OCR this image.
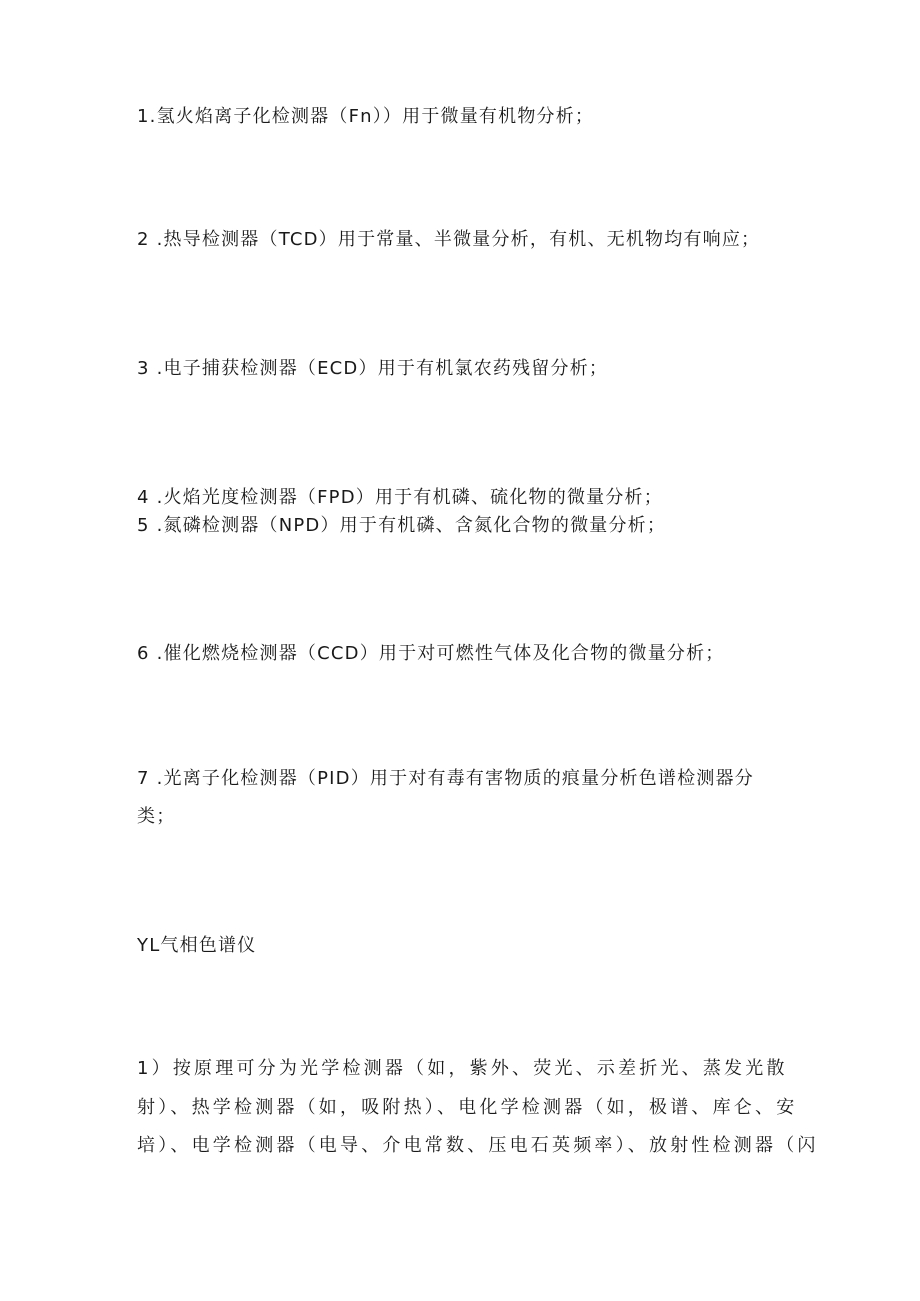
1.氢火焰离子化检测器（Fn））用于微量有机物分析；
2 .热导检测器（TCD）用于常量、半微量分析，有机、无机物均有响应；
3 .电子捕获检测器（ECD）用于有机氯农药残留分析；
4 .火焰光度检测器（FPD）用于有机磷、硫化物的微量分析；
5 .氮磷检测器（NPD）用于有机磷、含氮化合物的微量分析；
6 .催化燃烧检测器（CCD）用于对可燃性气体及化合物的微量分析；
7 .光离子化检测器（PID）用于对有毒有害物质的痕量分析色谱检测器分
类；
YL气相色谱仪
1）按原理可分为光学检测器（如，紫外、荧光、示差折光、蒸发光散
射）、热学检测器（如，吸附热）、电化学检测器（如，极谱、库仑、安
培）、电学检测器（电导、介电常数、压电石英频率）、放射性检测器（闪
